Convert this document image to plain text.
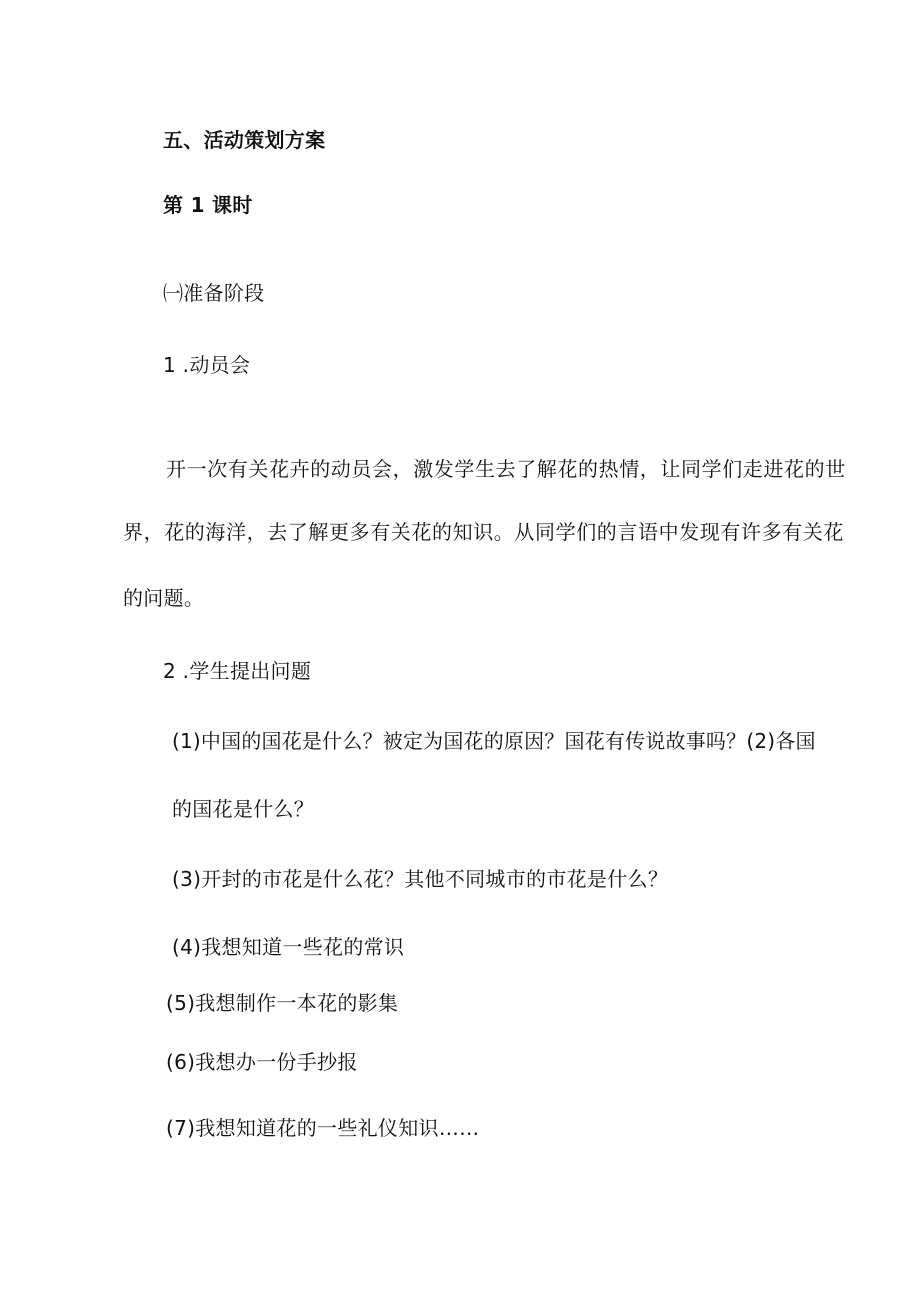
五、活动策划方案
第 1 课时
㈠准备阶段
1 .动员会
开一次有关花卉的动员会，激发学生去了解花的热情，让同学们走进花的世
界，花的海洋，去了解更多有关花的知识。从同学们的言语中发现有许多有关花
的问题。
2 .学生提出问题
(1)中国的国花是什么？被定为国花的原因？国花有传说故事吗？(2)各国
的国花是什么？
(3)开封的市花是什么花？其他不同城市的市花是什么？
(4)我想知道一些花的常识
(5)我想制作一本花的影集
(6)我想办一份手抄报
(7)我想知道花的一些礼仪知识……
